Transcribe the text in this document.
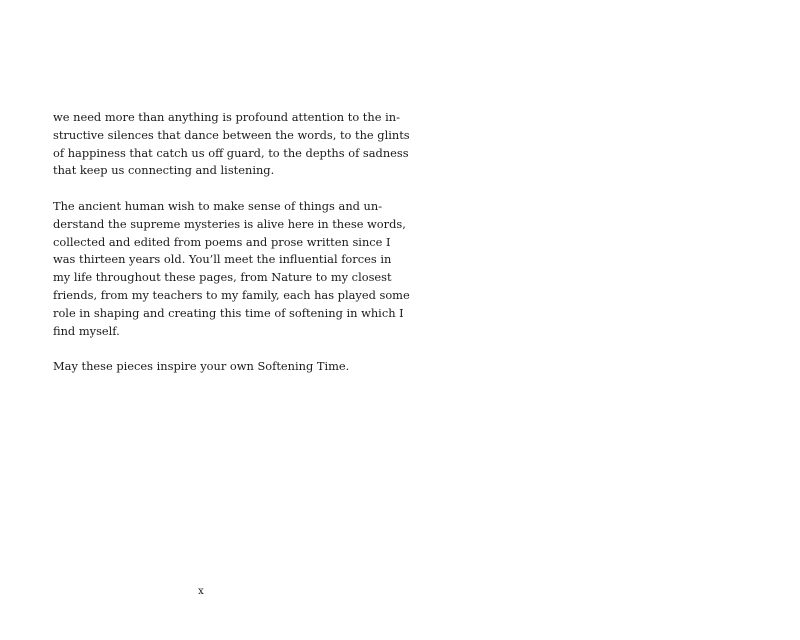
we need more than anything is profound attention to the in-
structive silences that dance between the words, to the glints
of happiness that catch us off guard, to the depths of sadness
that keep us connecting and listening.
The ancient human wish to make sense of things and un-
derstand the supreme mysteries is alive here in these words,
collected and edited from poems and prose written since I
was thirteen years old. You’ll meet the influential forces in
my life throughout these pages, from Nature to my closest
friends, from my teachers to my family, each has played some
role in shaping and creating this time of softening in which I
find myself.
May these pieces inspire your own Softening Time.
x
